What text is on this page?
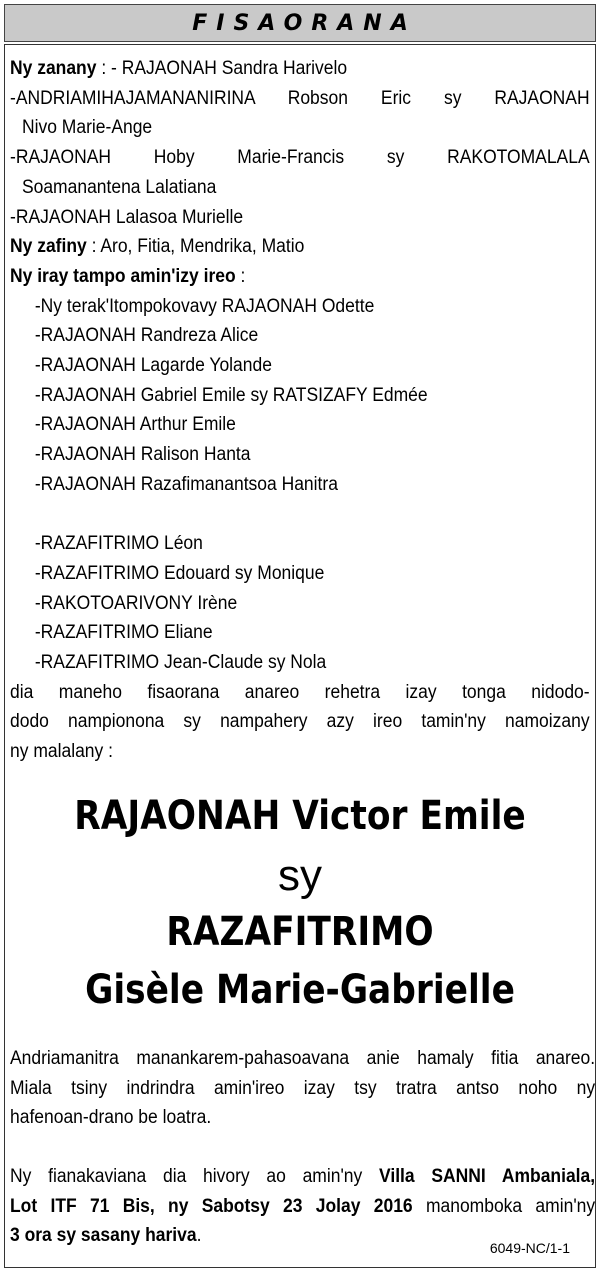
FISAORANA
Ny zanany : - RAJAONAH Sandra Harivelo
-ANDRIAMIHAJAMANANIRINA Robson Eric sy RAJAONAH
Nivo Marie-Ange
-RAJAONAH Hoby Marie-Francis sy RAKOTOMALALA
Soamanantena Lalatiana
-RAJAONAH Lalasoa Murielle
Ny zafiny : Aro, Fitia, Mendrika, Matio
Ny iray tampo amin'izy ireo :
-Ny terak'Itompokovavy RAJAONAH Odette
-RAJAONAH Randreza Alice
-RAJAONAH Lagarde Yolande
-RAJAONAH Gabriel Emile sy RATSIZAFY Edmée
-RAJAONAH Arthur Emile
-RAJAONAH Ralison Hanta
-RAJAONAH Razafimanantsoa Hanitra
-RAZAFITRIMO Léon
-RAZAFITRIMO Edouard sy Monique
-RAKOTOARIVONY Irène
-RAZAFITRIMO Eliane
-RAZAFITRIMO Jean-Claude sy Nola
dia maneho fisaorana anareo rehetra izay tonga nidodo-
dodo nampionona sy nampahery azy ireo tamin'ny namoizany
ny malalany :
RAJAONAH Victor Emile
sy
RAZAFITRIMO
Gisèle Marie-Gabrielle
Andriamanitra manankarem-pahasoavana anie hamaly fitia anareo.
Miala tsiny indrindra amin'ireo izay tsy tratra antso noho ny
hafenoan-drano be loatra.
Ny fianakaviana dia hivory ao amin'ny Villa SANNI Ambaniala,
Lot ITF 71 Bis, ny Sabotsy 23 Jolay 2016 manomboka amin'ny
3 ora sy sasany hariva.
6049-NC/1-1
